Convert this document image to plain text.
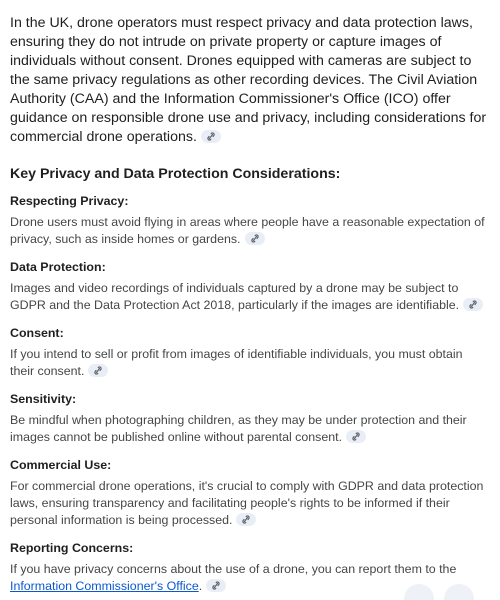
In the UK, drone operators must respect privacy and data protection laws, ensuring they do not intrude on private property or capture images of individuals without consent. Drones equipped with cameras are subject to the same privacy regulations as other recording devices. The Civil Aviation Authority (CAA) and the Information Commissioner's Office (ICO) offer guidance on responsible drone use and privacy, including considerations for commercial drone operations.

Key Privacy and Data Protection Considerations:
Respecting Privacy:

Drone users must avoid flying in areas where people have a reasonable expectation of privacy, such as inside homes or gardens.

Data Protection:

Images and video recordings of individuals captured by a drone may be subject to GDPR and the Data Protection Act 2018, particularly if the images are identifiable.

Consent:

If you intend to sell or profit from images of identifiable individuals, you must obtain their consent.

Sensitivity:

Be mindful when photographing children, as they may be under protection and their images cannot be published online without parental consent.

Commercial Use:

For commercial drone operations, it's crucial to comply with GDPR and data protection laws, ensuring transparency and facilitating people's rights to be informed if their personal information is being processed.

Reporting Concerns:

If you have privacy concerns about the use of a drone, you can report them to the Information Commissioner's Office.
